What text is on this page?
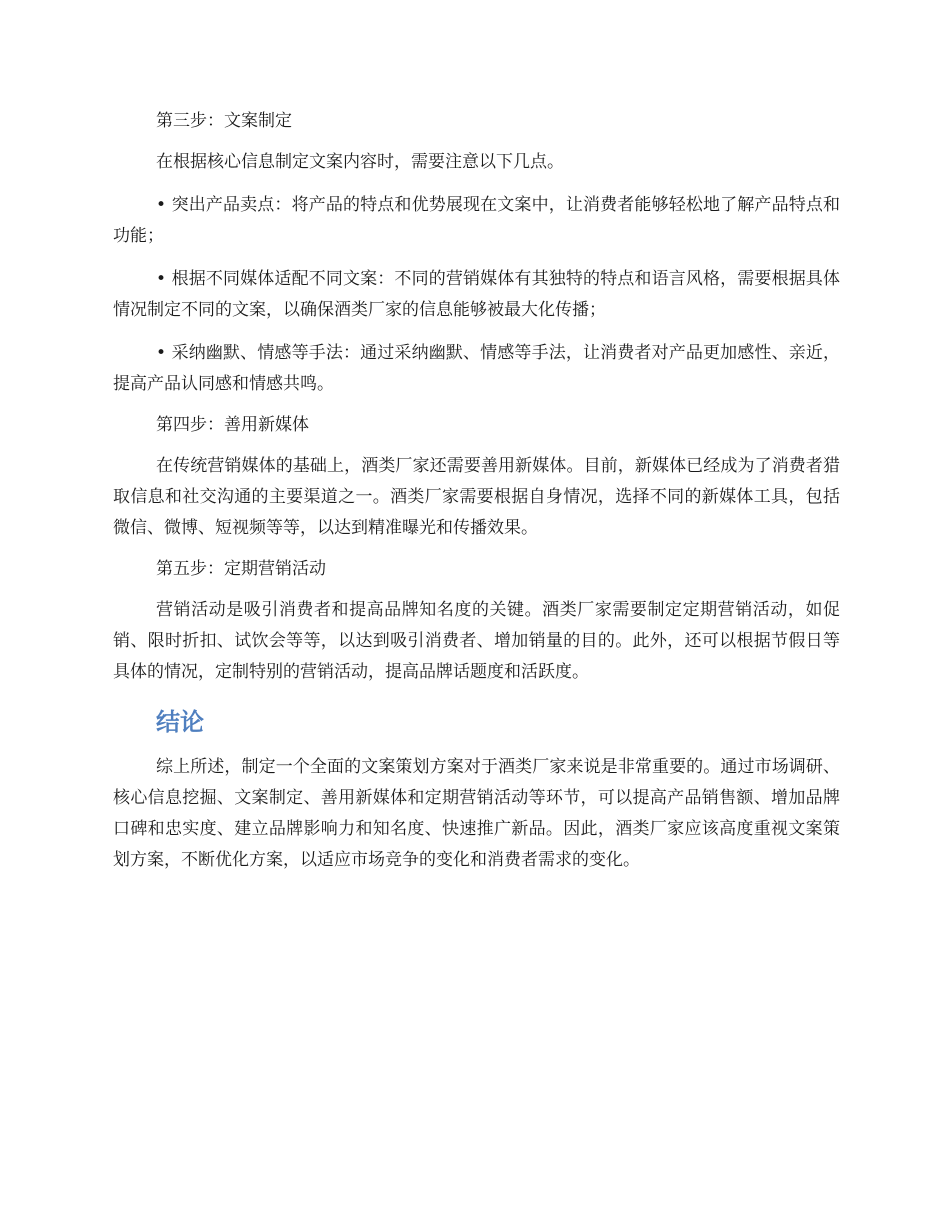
第三步：文案制定

在根据核心信息制定文案内容时，需要注意以下几点。

• 突出产品卖点：将产品的特点和优势展现在文案中，让消费者能够轻松地了解产品特点和功能；

• 根据不同媒体适配不同文案：不同的营销媒体有其独特的特点和语言风格，需要根据具体情况制定不同的文案，以确保酒类厂家的信息能够被最大化传播；

• 采纳幽默、情感等手法：通过采纳幽默、情感等手法，让消费者对产品更加感性、亲近，提高产品认同感和情感共鸣。

第四步：善用新媒体

在传统营销媒体的基础上，酒类厂家还需要善用新媒体。目前，新媒体已经成为了消费者猎取信息和社交沟通的主要渠道之一。酒类厂家需要根据自身情况，选择不同的新媒体工具，包括微信、微博、短视频等等，以达到精准曝光和传播效果。

第五步：定期营销活动

营销活动是吸引消费者和提高品牌知名度的关键。酒类厂家需要制定定期营销活动，如促销、限时折扣、试饮会等等，以达到吸引消费者、增加销量的目的。此外，还可以根据节假日等具体的情况，定制特别的营销活动，提高品牌话题度和活跃度。

结论

综上所述，制定一个全面的文案策划方案对于酒类厂家来说是非常重要的。通过市场调研、核心信息挖掘、文案制定、善用新媒体和定期营销活动等环节，可以提高产品销售额、增加品牌口碑和忠实度、建立品牌影响力和知名度、快速推广新品。因此，酒类厂家应该高度重视文案策划方案，不断优化方案，以适应市场竞争的变化和消费者需求的变化。
